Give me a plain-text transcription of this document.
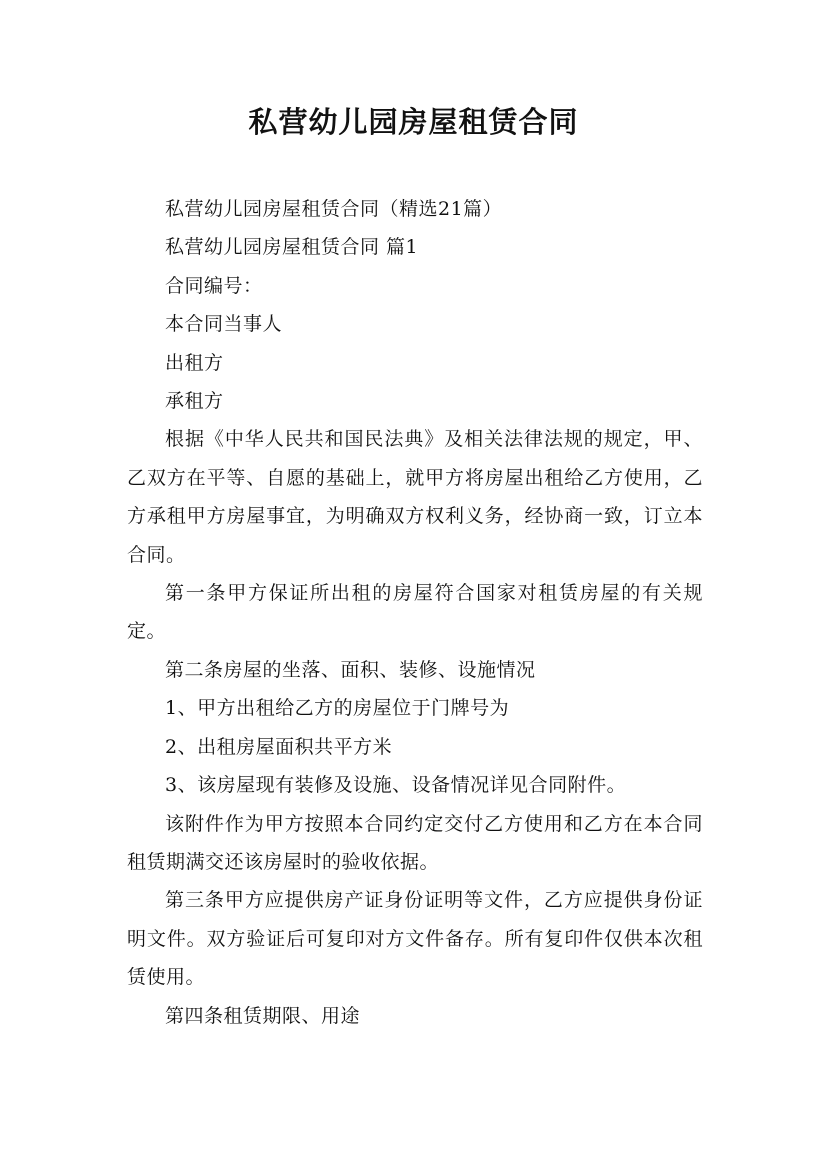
私营幼儿园房屋租赁合同

私营幼儿园房屋租赁合同（精选21篇）

私营幼儿园房屋租赁合同 篇1

合同编号：

本合同当事人

出租方

承租方

根据《中华人民共和国民法典》及相关法律法规的规定，甲、乙双方在平等、自愿的基础上，就甲方将房屋出租给乙方使用，乙方承租甲方房屋事宜，为明确双方权利义务，经协商一致，订立本合同。

第一条甲方保证所出租的房屋符合国家对租赁房屋的有关规定。

第二条房屋的坐落、面积、装修、设施情况

1、甲方出租给乙方的房屋位于门牌号为

2、出租房屋面积共平方米

3、该房屋现有装修及设施、设备情况详见合同附件。

该附件作为甲方按照本合同约定交付乙方使用和乙方在本合同租赁期满交还该房屋时的验收依据。

第三条甲方应提供房产证身份证明等文件，乙方应提供身份证明文件。双方验证后可复印对方文件备存。所有复印件仅供本次租赁使用。

第四条租赁期限、用途
